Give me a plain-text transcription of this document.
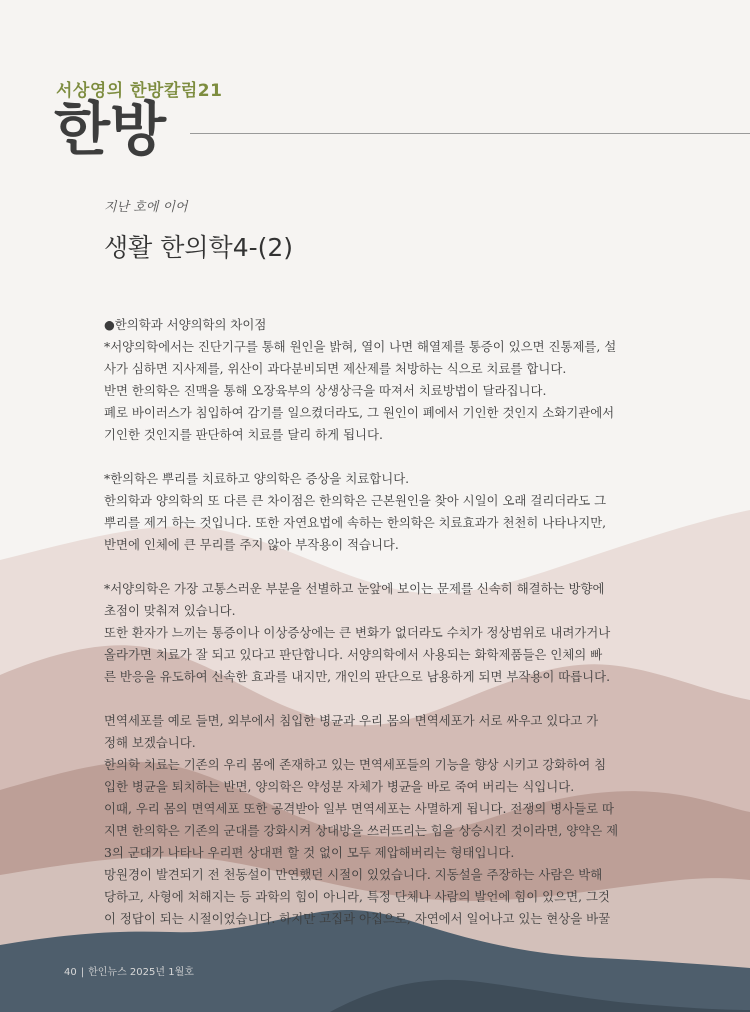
서상영의 한방칼럼21
한방
지난 호에 이어
생활 한의학4-(2)

●한의학과 서양의학의 차이점

*서양의학에서는 진단기구를 통해 원인을 밝혀, 열이 나면 해열제를 통증이 있으면 진통제를, 설

사가 심하면 지사제를, 위산이 과다분비되면 제산제를 처방하는 식으로 치료를 합니다.

반면 한의학은 진맥을 통해 오장육부의 상생상극을 따져서 치료방법이 달라집니다.

폐로 바이러스가 침입하여 감기를 일으켰더라도, 그 원인이 폐에서 기인한 것인지 소화기관에서

기인한 것인지를 판단하여 치료를 달리 하게 됩니다.

*한의학은 뿌리를 치료하고 양의학은 증상을 치료합니다.

한의학과 양의학의 또 다른 큰 차이점은 한의학은 근본원인을 찾아 시일이 오래 걸리더라도 그

뿌리를 제거 하는 것입니다. 또한 자연요법에 속하는 한의학은 치료효과가 천천히 나타나지만,

반면에 인체에 큰 무리를 주지 않아 부작용이 적습니다.

*서양의학은 가장 고통스러운 부분을 선별하고 눈앞에 보이는 문제를 신속히 해결하는 방향에

초점이 맞춰져 있습니다.

또한 환자가 느끼는 통증이나 이상증상에는 큰 변화가 없더라도 수치가 정상범위로 내려가거나

올라가면 치료가 잘 되고 있다고 판단합니다. 서양의학에서 사용되는 화학제품들은 인체의 빠

른 반응을 유도하여 신속한 효과를 내지만, 개인의 판단으로 남용하게 되면 부작용이 따릅니다.

면역세포를 예로 들면, 외부에서 침입한 병균과 우리 몸의 면역세포가 서로 싸우고 있다고 가

정해 보겠습니다.

한의학 치료는 기존의 우리 몸에 존재하고 있는 면역세포들의 기능을 향상 시키고 강화하여 침

입한 병균을 퇴치하는 반면, 양의학은 약성분 자체가 병균을 바로 죽여 버리는 식입니다.

이때, 우리 몸의 면역세포 또한 공격받아 일부 면역세포는 사멸하게 됩니다. 전쟁의 병사들로 따

지면 한의학은 기존의 군대를 강화시켜 상대방을 쓰러뜨리는 힘을 상승시킨 것이라면, 양약은 제

3의 군대가 나타나 우리편 상대편 할 것 없이 모두 제압해버리는 형태입니다.

망원경이 발견되기 전 천동설이 만연했던 시절이 있었습니다. 지동설을 주장하는 사람은 박해

당하고, 사형에 처해지는 등 과학의 힘이 아니라, 특정 단체나 사람의 발언에 힘이 있으면, 그것

이 정답이 되는 시절이었습니다. 하지만 고집과 아집으로, 자연에서 일어나고 있는 현상을 바꿀

40 | 한인뉴스 2025년 1월호
